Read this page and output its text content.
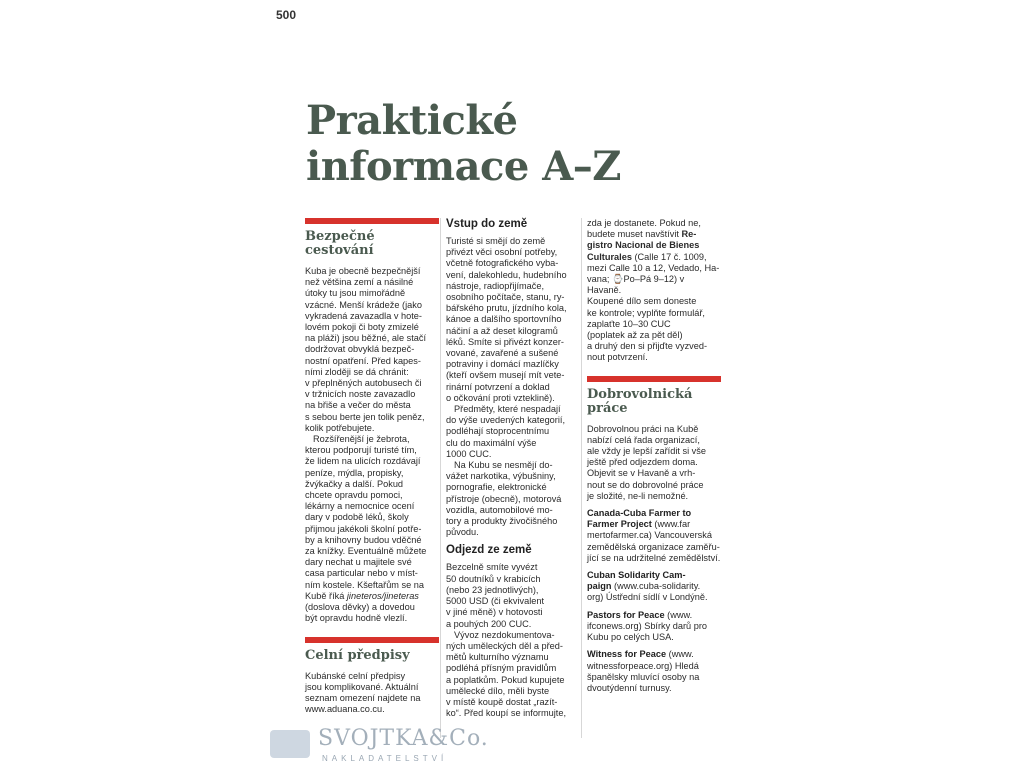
500
Praktické
informace A–Z
Bezpečné
cestování

Kuba je obecně bezpečnější
než většina zemí a násilné
útoky tu jsou mimořádně
vzácné. Menší krádeže (jako
vykradená zavazadla v hote-
lovém pokoji či boty zmizelé
na pláži) jsou běžné, ale stačí
dodržovat obvyklá bezpeč-
nostní opatření. Před kapes-
ními zloději se dá chránit:
v přeplněných autobusech či
v tržnicích noste zavazadlo
na břiše a večer do města
s sebou berte jen tolik peněz,
kolik potřebujete.

Rozšířenější je žebrota,
kterou podporují turisté tím,
že lidem na ulicích rozdávají
peníze, mýdla, propisky,
žvýkačky a další. Pokud
chcete opravdu pomoci,
lékárny a nemocnice ocení
dary v podobě léků, školy
přijmou jakékoli školní potře-
by a knihovny budou vděčné
za knížky. Eventuálně můžete
dary nechat u majitele své
casa particular nebo v míst-
ním kostele. Kšeftařům se na
Kubě říká jineteros/jineteras
(doslova děvky) a dovedou
být opravdu hodně vlezlí.

Celní předpisy

Kubánské celní předpisy
jsou komplikované. Aktuální
seznam omezení najdete na
www.aduana.co.cu.

Vstup do země

Turisté si smějí do země
přivézt věci osobní potřeby,
včetně fotografického vyba-
vení, dalekohledu, hudebního
nástroje, radiopřijímače,
osobního počítače, stanu, ry-
bářského prutu, jízdního kola,
kánoe a dalšího sportovního
náčiní a až deset kilogramů
léků. Smíte si přivézt konzer-
vované, zavařené a sušené
potraviny i domácí mazlíčky
(kteří ovšem musejí mít vete-
rinární potvrzení a doklad
o očkování proti vzteklině).

Předměty, které nespadají
do výše uvedených kategorií,
podléhají stoprocentnímu
clu do maximální výše
1000 CUC.

Na Kubu se nesmějí do-
vážet narkotika, výbušniny,
pornografie, elektronické
přístroje (obecně), motorová
vozidla, automobilové mo-
tory a produkty živočišného
původu.

Odjezd ze země

Bezcelně smíte vyvézt
50 doutníků v krabicích
(nebo 23 jednotlivých),
5000 USD (či ekvivalent
v jiné měně) v hotovosti
a pouhých 200 CUC.

Vývoz nezdokumentova-
ných uměleckých děl a před-
mětů kulturního významu
podléhá přísným pravidlům
a poplatkům. Pokud kupujete
umělecké dílo, měli byste
v místě koupě dostat „razít-
ko“. Před koupí se informujte,

zda je dostanete. Pokud ne,
budete muset navštívit Re-
gistro Nacional de Bienes
Culturales (Calle 17 č. 1009,
mezi Calle 10 a 12, Vedado, Ha-
vana; ⌚Po–Pá 9–12) v Havaně.
Koupené dílo sem doneste
ke kontrole; vyplňte formulář,
zaplaťte 10–30 CUC
(poplatek až za pět děl)
a druhý den si přijďte vyzved-
nout potvrzení.

Dobrovolnická
práce

Dobrovolnou práci na Kubě
nabízí celá řada organizací,
ale vždy je lepší zařídit si vše
ještě před odjezdem doma.
Objevit se v Havaně a vrh-
nout se do dobrovolné práce
je složité, ne-li nemožné.

Canada-Cuba Farmer to
Farmer Project (www.far
mertofarmer.ca) Vancouverská
zemědělská organizace zaměřu-
jící se na udržitelné zemědělství.
Cuban Solidarity Cam-
paign (www.cuba-solidarity.
org) Ústřední sídlí v Londýně.
Pastors for Peace (www.
ifconews.org) Sbírky darů pro
Kubu po celých USA.
Witness for Peace (www.
witnessforpeace.org) Hledá
španělsky mluvící osoby na
dvoutýdenní turnusy.
SVOJTKA&Co.
NAKLADATELSTVÍ
